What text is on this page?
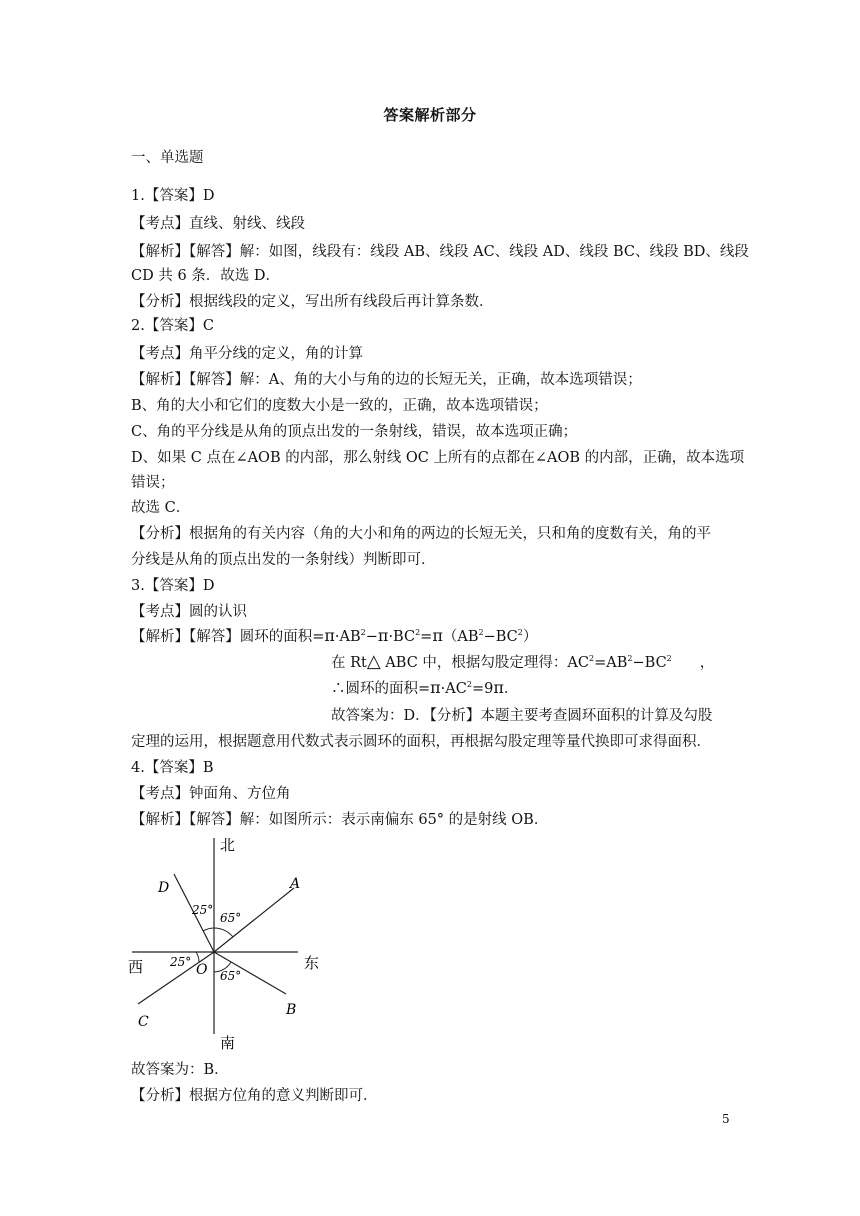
答案解析部分
一、单选题
1.【答案】D
【考点】直线、射线、线段
【解析】【解答】解：如图，线段有：线段 AB、线段 AC、线段 AD、线段 BC、线段 BD、线段
CD 共 6 条．故选 D．
【分析】根据线段的定义，写出所有线段后再计算条数．
2.【答案】C
【考点】角平分线的定义，角的计算
【解析】【解答】解：A、角的大小与角的边的长短无关，正确，故本选项错误；
B、角的大小和它们的度数大小是一致的，正确，故本选项错误；
C、角的平分线是从角的顶点出发的一条射线，错误，故本选项正确；
D、如果 C 点在∠AOB 的内部，那么射线 OC 上所有的点都在∠AOB 的内部，正确，故本选项
错误；
故选 C．
【分析】根据角的有关内容（角的大小和角的两边的长短无关，只和角的度数有关，角的平
分线是从角的顶点出发的一条射线）判断即可．
3.【答案】D
【考点】圆的认识
【解析】【解答】圆环的面积$=\pi\cdot AB^2-\pi\cdot BC^2=\pi(AB^2-BC^2)$
在 Rt△ ABC 中，根据勾股定理得：$AC^2=AB^2-BC^2$ ，
∴圆环的面积$=\pi\cdot AC^2=9\pi$．
故答案为：D．【分析】本题主要考查圆环面积的计算及勾股
定理的运用，根据题意用代数式表示圆环的面积，再根据勾股定理等量代换即可求得面积．
4.【答案】B
【考点】钟面角、方位角
【解析】【解答】解：如图所示：表示南偏东 65° 的是射线 OB．
北
南
西	东
A
B
C
D
O
25°
65°
25°
65°
故答案为：B．
【分析】根据方位角的意义判断即可．
5
